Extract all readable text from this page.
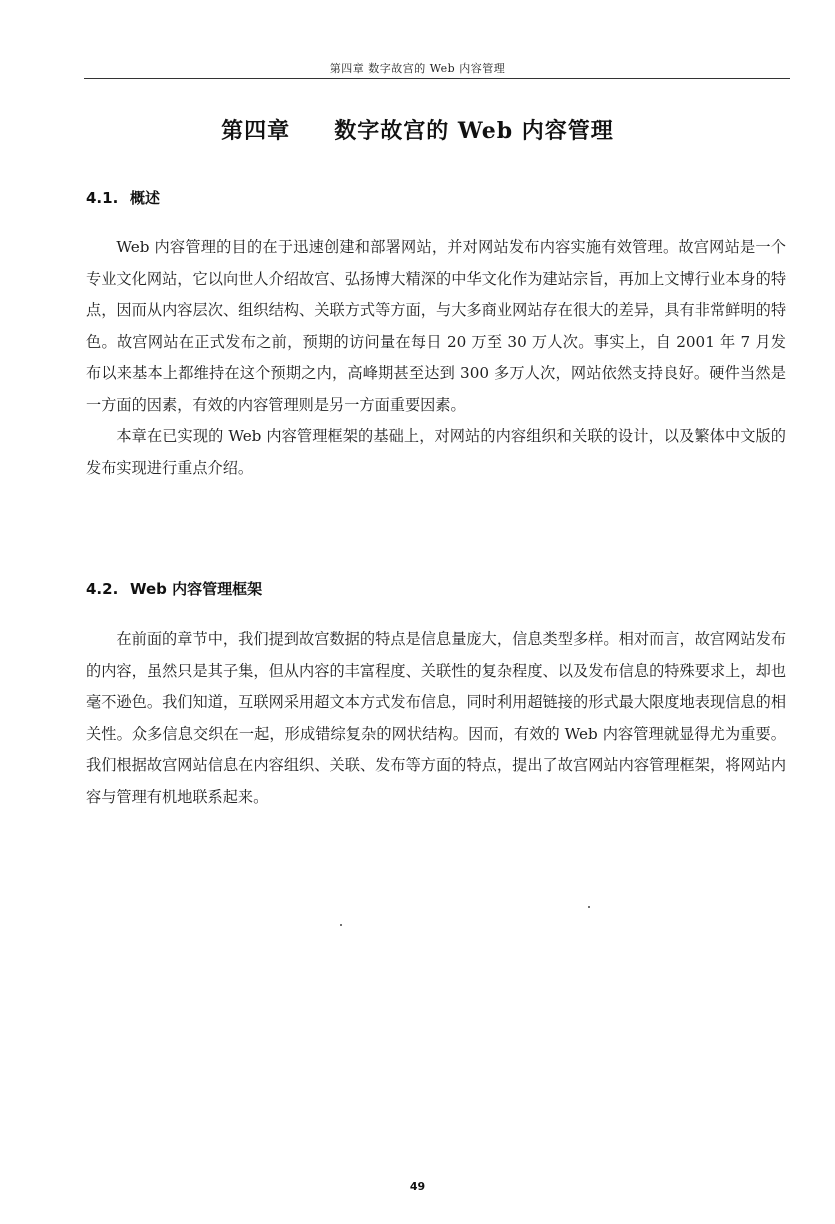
第四章 数字故宫的 Web 内容管理
第四章 数字故宫的 Web 内容管理
4.1. 概述

Web 内容管理的目的在于迅速创建和部署网站，并对网站发布内容实施有效管理。故宫网站是一个专业文化网站，它以向世人介绍故宫、弘扬博大精深的中华文化作为建站宗旨，再加上文博行业本身的特点，因而从内容层次、组织结构、关联方式等方面，与大多商业网站存在很大的差异，具有非常鲜明的特色。故宫网站在正式发布之前，预期的访问量在每日 20 万至 30 万人次。事实上，自 2001 年 7 月发布以来基本上都维持在这个预期之内，高峰期甚至达到 300 多万人次，网站依然支持良好。硬件当然是一方面的因素，有效的内容管理则是另一方面重要因素。

本章在已实现的 Web 内容管理框架的基础上，对网站的内容组织和关联的设计，以及繁体中文版的发布实现进行重点介绍。

4.2. Web 内容管理框架

在前面的章节中，我们提到故宫数据的特点是信息量庞大，信息类型多样。相对而言，故宫网站发布的内容，虽然只是其子集，但从内容的丰富程度、关联性的复杂程度、以及发布信息的特殊要求上，却也毫不逊色。我们知道，互联网采用超文本方式发布信息，同时利用超链接的形式最大限度地表现信息的相关性。众多信息交织在一起，形成错综复杂的网状结构。因而，有效的 Web 内容管理就显得尤为重要。我们根据故宫网站信息在内容组织、关联、发布等方面的特点，提出了故宫网站内容管理框架，将网站内容与管理有机地联系起来。

49
